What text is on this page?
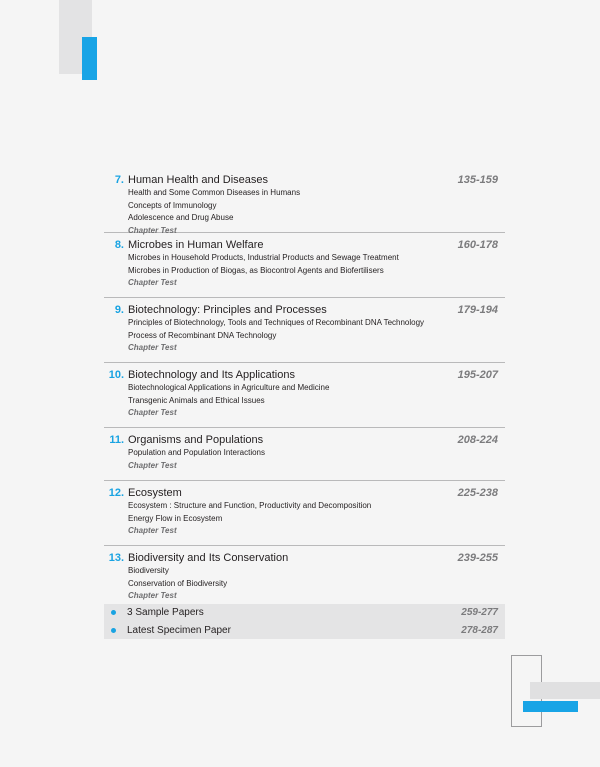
7. Human Health and Diseases	135-159
Health and Some Common Diseases in Humans
Concepts of Immunology
Adolescence and Drug Abuse
Chapter Test
8. Microbes in Human Welfare	160-178
Microbes in Household Products, Industrial Products and Sewage Treatment
Microbes in Production of Biogas, as Biocontrol Agents and Biofertilisers
Chapter Test
9. Biotechnology: Principles and Processes	179-194
Principles of Biotechnology, Tools and Techniques of Recombinant DNA Technology
Process of Recombinant DNA Technology
Chapter Test
10. Biotechnology and Its Applications	195-207
Biotechnological Applications in Agriculture and Medicine
Transgenic Animals and Ethical Issues
Chapter Test
11. Organisms and Populations	208-224
Population and Population Interactions
Chapter Test
12. Ecosystem	225-238
Ecosystem : Structure and Function, Productivity and Decomposition
Energy Flow in Ecosystem
Chapter Test
13. Biodiversity and Its Conservation	239-255
Biodiversity
Conservation of Biodiversity
Chapter Test
3 Sample Papers	259-277
Latest Specimen Paper	278-287
